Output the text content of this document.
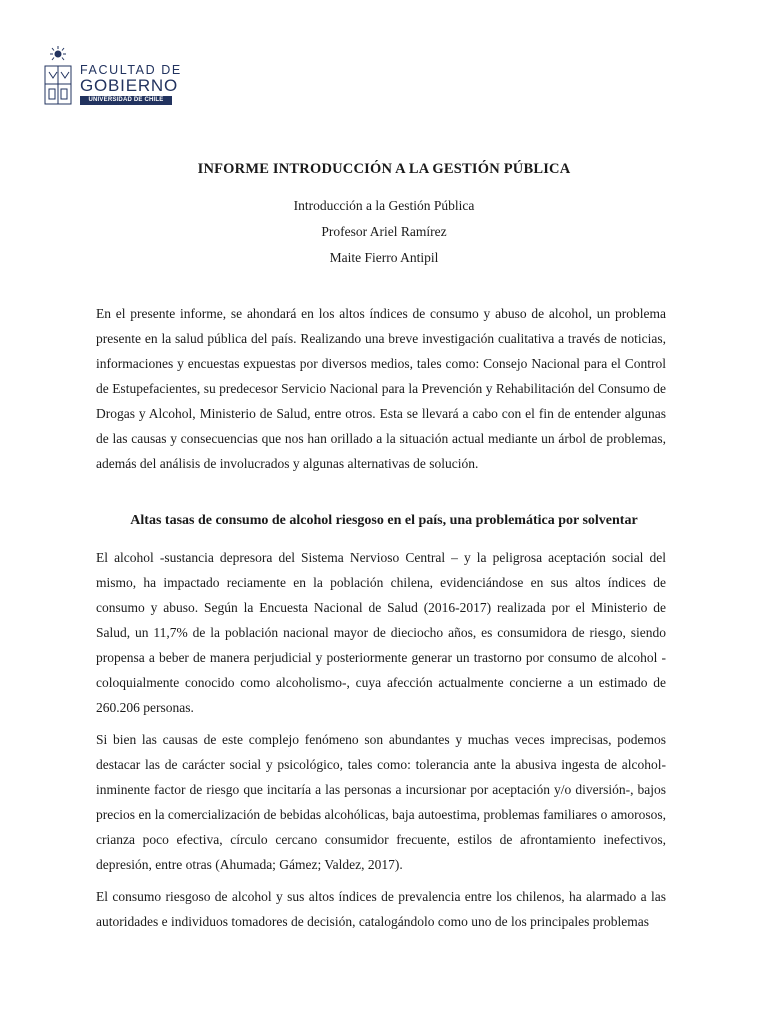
FACULTAD DE
GOBIERNO
UNIVERSIDAD DE CHILE
INFORME INTRODUCCIÓN A LA GESTIÓN PÚBLICA
Introducción a la Gestión Pública
Profesor Ariel Ramírez
Maite Fierro Antipil

En el presente informe, se ahondará en los altos índices de consumo y abuso de alcohol, un problema presente en la salud pública del país. Realizando una breve investigación cualitativa a través de noticias, informaciones y encuestas expuestas por diversos medios, tales como: Consejo Nacional para el Control de Estupefacientes, su predecesor Servicio Nacional para la Prevención y Rehabilitación del Consumo de Drogas y Alcohol, Ministerio de Salud, entre otros. Esta se llevará a cabo con el fin de entender algunas de las causas y consecuencias que nos han orillado a la situación actual mediante un árbol de problemas, además del análisis de involucrados y algunas alternativas de solución.

Altas tasas de consumo de alcohol riesgoso en el país, una problemática por solventar

El alcohol -sustancia depresora del Sistema Nervioso Central – y la peligrosa aceptación social del mismo, ha impactado reciamente en la población chilena, evidenciándose en sus altos índices de consumo y abuso. Según la Encuesta Nacional de Salud (2016-2017) realizada por el Ministerio de Salud, un 11,7% de la población nacional mayor de dieciocho años, es consumidora de riesgo, siendo propensa a beber de manera perjudicial y posteriormente generar un trastorno por consumo de alcohol -coloquialmente conocido como alcoholismo-, cuya afección actualmente concierne a un estimado de 260.206 personas.

Si bien las causas de este complejo fenómeno son abundantes y muchas veces imprecisas, podemos destacar las de carácter social y psicológico, tales como: tolerancia ante la abusiva ingesta de alcohol-inminente factor de riesgo que incitaría a las personas a incursionar por aceptación y/o diversión-, bajos precios en la comercialización de bebidas alcohólicas, baja autoestima, problemas familiares o amorosos, crianza poco efectiva, círculo cercano consumidor frecuente, estilos de afrontamiento inefectivos, depresión, entre otras (Ahumada; Gámez; Valdez, 2017).

El consumo riesgoso de alcohol y sus altos índices de prevalencia entre los chilenos, ha alarmado a las autoridades e individuos tomadores de decisión, catalogándolo como uno de los principales problemas
